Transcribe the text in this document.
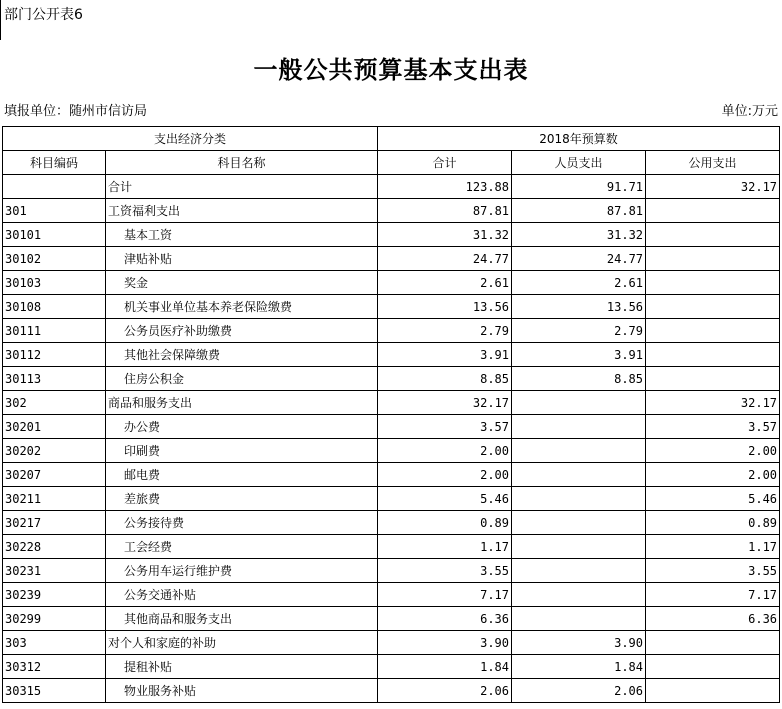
部门公开表6
一般公共预算基本支出表
填报单位：随州市信访局	单位:万元
支出经济分类		2018年预算数		
科目编码	科目名称	合计	人员支出	公用支出
	合计	123.88	91.71	32.17
301	工资福利支出	87.81	87.81	
30101	基本工资	31.32	31.32	
30102	津贴补贴	24.77	24.77	
30103	奖金	2.61	2.61	
30108	机关事业单位基本养老保险缴费	13.56	13.56	
30111	公务员医疗补助缴费	2.79	2.79	
30112	其他社会保障缴费	3.91	3.91	
30113	住房公积金	8.85	8.85	
302	商品和服务支出	32.17		32.17
30201	办公费	3.57		3.57
30202	印刷费	2.00		2.00
30207	邮电费	2.00		2.00
30211	差旅费	5.46		5.46
30217	公务接待费	0.89		0.89
30228	工会经费	1.17		1.17
30231	公务用车运行维护费	3.55		3.55
30239	公务交通补贴	7.17		7.17
30299	其他商品和服务支出	6.36		6.36
303	对个人和家庭的补助	3.90	3.90	
30312	提租补贴	1.84	1.84	
30315	物业服务补贴	2.06	2.06	
